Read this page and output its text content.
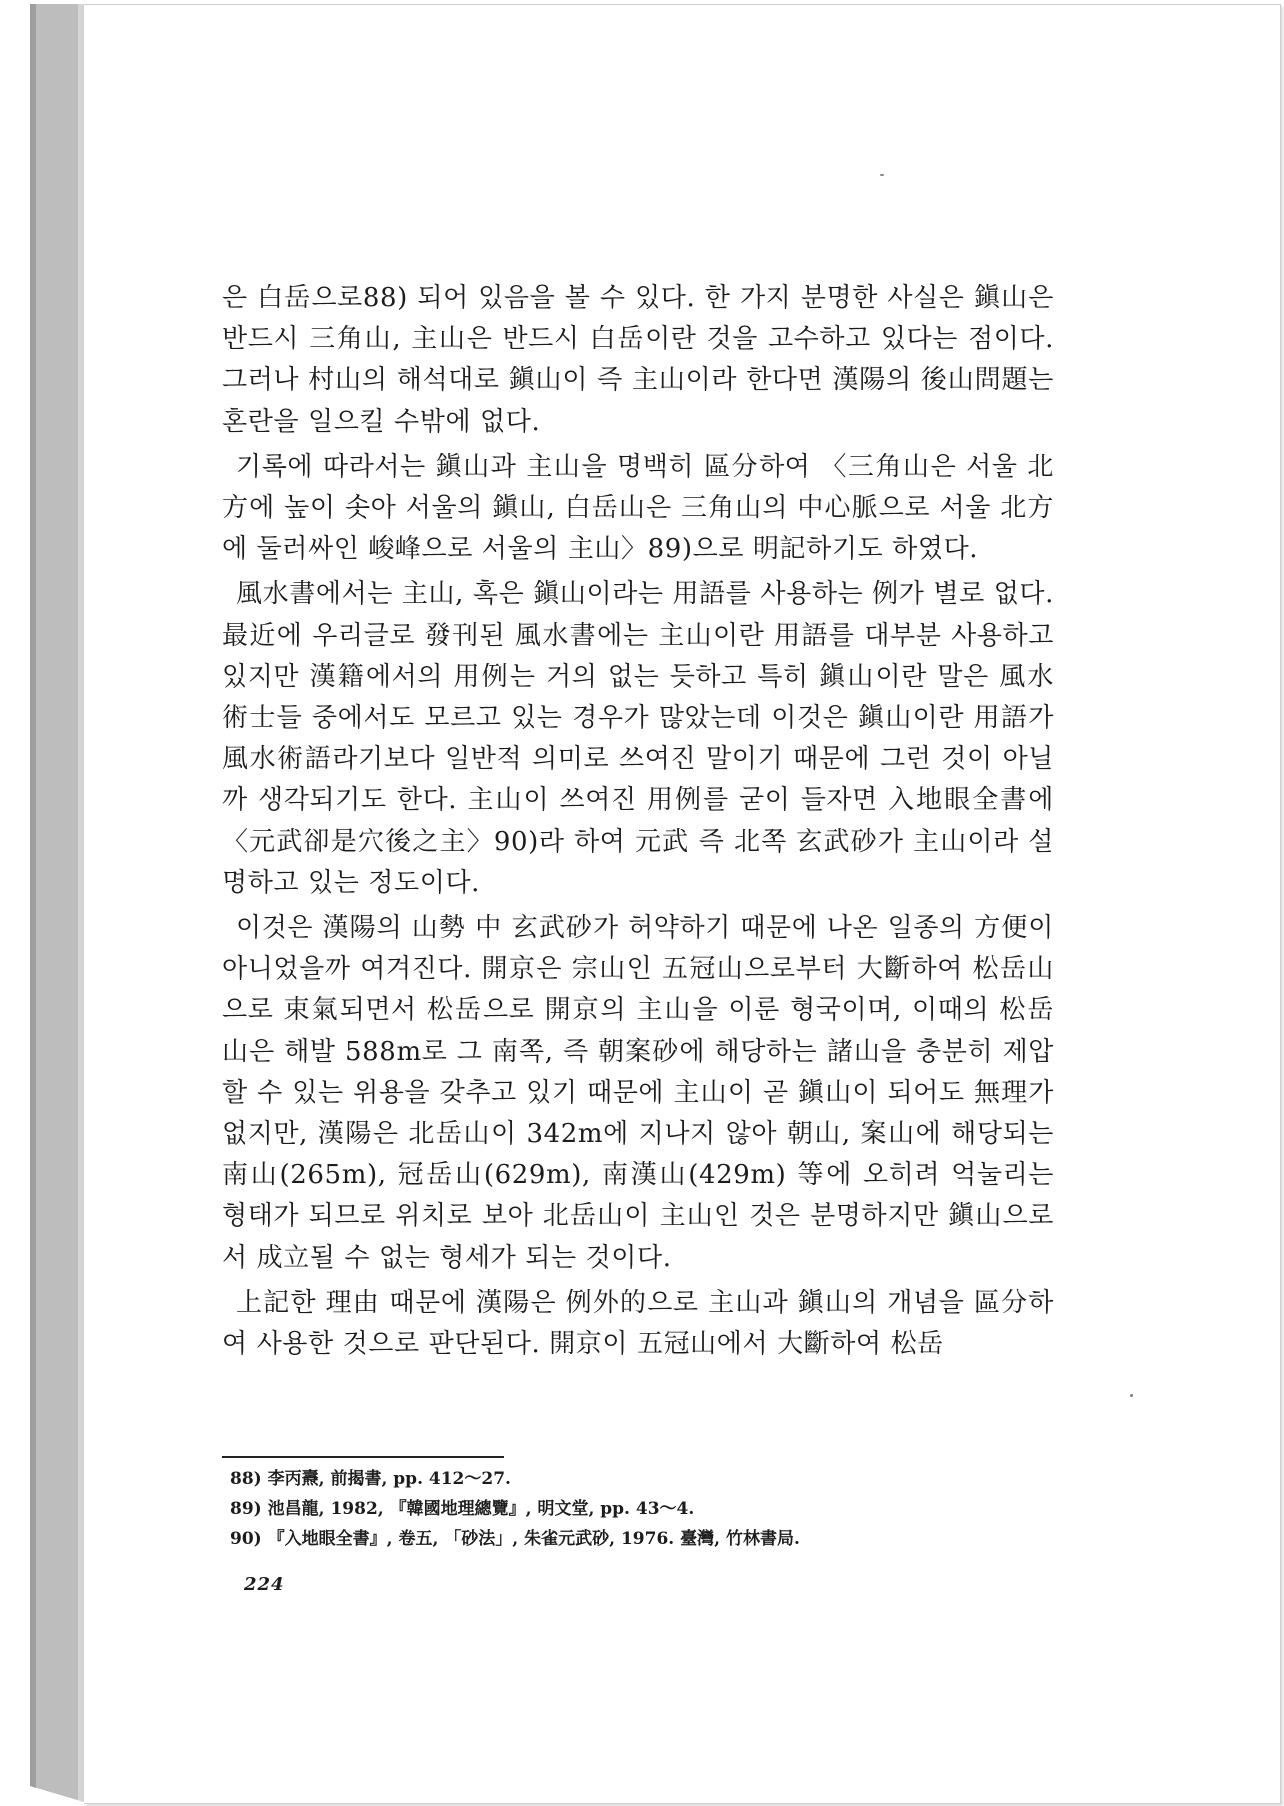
은 白岳으로88) 되어 있음을 볼 수 있다. 한 가지 분명한 사실은 鎭山은 반드시 三角山, 主山은 반드시 白岳이란 것을 고수하고 있다는 점이다. 그러나 村山의 해석대로 鎭山이 즉 主山이라 한다면 漢陽의 後山問題는 혼란을 일으킬 수밖에 없다.

기록에 따라서는 鎭山과 主山을 명백히 區分하여 〈三角山은 서울 北方에 높이 솟아 서울의 鎭山, 白岳山은 三角山의 中心脈으로 서울 北方에 둘러싸인 峻峰으로 서울의 主山〉89)으로 明記하기도 하였다.

風水書에서는 主山, 혹은 鎭山이라는 用語를 사용하는 例가 별로 없다. 最近에 우리글로 發刊된 風水書에는 主山이란 用語를 대부분 사용하고 있지만 漢籍에서의 用例는 거의 없는 듯하고 특히 鎭山이란 말은 風水術士들 중에서도 모르고 있는 경우가 많았는데 이것은 鎭山이란 用語가 風水術語라기보다 일반적 의미로 쓰여진 말이기 때문에 그런 것이 아닐까 생각되기도 한다. 主山이 쓰여진 用例를 굳이 들자면 入地眼全書에 〈元武卻是穴後之主〉90)라 하여 元武 즉 北쪽 玄武砂가 主山이라 설명하고 있는 정도이다.

이것은 漢陽의 山勢 中 玄武砂가 허약하기 때문에 나온 일종의 方便이 아니었을까 여겨진다. 開京은 宗山인 五冠山으로부터 大斷하여 松岳山으로 束氣되면서 松岳으로 開京의 主山을 이룬 형국이며, 이때의 松岳山은 해발 588m로 그 南쪽, 즉 朝案砂에 해당하는 諸山을 충분히 제압할 수 있는 위용을 갖추고 있기 때문에 主山이 곧 鎭山이 되어도 無理가 없지만, 漢陽은 北岳山이 342m에 지나지 않아 朝山, 案山에 해당되는 南山(265m), 冠岳山(629m), 南漢山(429m) 等에 오히려 억눌리는 형태가 되므로 위치로 보아 北岳山이 主山인 것은 분명하지만 鎭山으로서 成立될 수 없는 형세가 되는 것이다.

上記한 理由 때문에 漢陽은 例外的으로 主山과 鎭山의 개념을 區分하여 사용한 것으로 판단된다. 開京이 五冠山에서 大斷하여 松岳

88) 李丙燾, 前揭書, pp. 412～27.

89) 池昌龍, 1982, 『韓國地理總覽』, 明文堂, pp. 43～4.

90) 『入地眼全書』, 卷五, 「砂法」, 朱雀元武砂, 1976. 臺灣, 竹林書局.

224
